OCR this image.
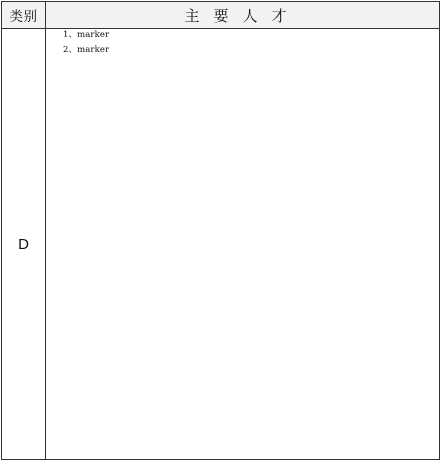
类别	主要人才
D	1、marker
2、marker
